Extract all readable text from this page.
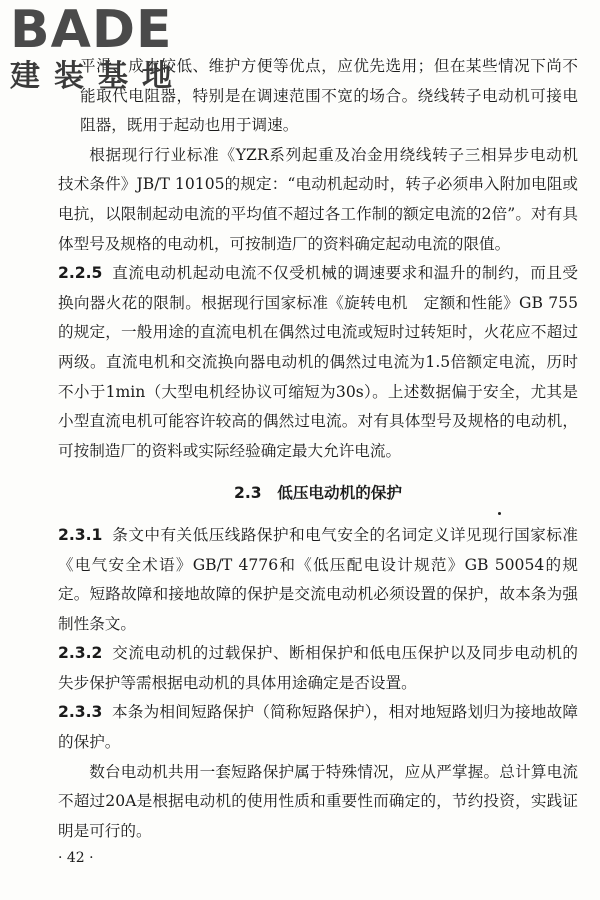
BADE
建装基地

平滑、成本较低、维护方便等优点，应优先选用；但在某些情况下尚不能取代电阻器，特别是在调速范围不宽的场合。绕线转子电动机可接电阻器，既用于起动也用于调速。

根据现行行业标准《YZR系列起重及冶金用绕线转子三相异步电动机　技术条件》JB/T 10105的规定：“电动机起动时，转子必须串入附加电阻或电抗，以限制起动电流的平均值不超过各工作制的额定电流的2倍”。对有具体型号及规格的电动机，可按制造厂的资料确定起动电流的限值。

2.2.5 直流电动机起动电流不仅受机械的调速要求和温升的制约，而且受换向器火花的限制。根据现行国家标准《旋转电机　定额和性能》GB 755的规定，一般用途的直流电机在偶然过电流或短时过转矩时，火花应不超过两级。直流电机和交流换向器电动机的偶然过电流为1.5倍额定电流，历时不小于1min（大型电机经协议可缩短为30s）。上述数据偏于安全，尤其是小型直流电机可能容许较高的偶然过电流。对有具体型号及规格的电动机，可按制造厂的资料或实际经验确定最大允许电流。

2.3 低压电动机的保护

2.3.1 条文中有关低压线路保护和电气安全的名词定义详见现行国家标准《电气安全术语》GB/T 4776和《低压配电设计规范》GB 50054的规定。短路故障和接地故障的保护是交流电动机必须设置的保护，故本条为强制性条文。

2.3.2 交流电动机的过载保护、断相保护和低电压保护以及同步电动机的失步保护等需根据电动机的具体用途确定是否设置。

2.3.3 本条为相间短路保护（简称短路保护），相对地短路划归为接地故障的保护。

数台电动机共用一套短路保护属于特殊情况，应从严掌握。总计算电流不超过20A是根据电动机的使用性质和重要性而确定的，节约投资，实践证明是可行的。

· 42 ·
